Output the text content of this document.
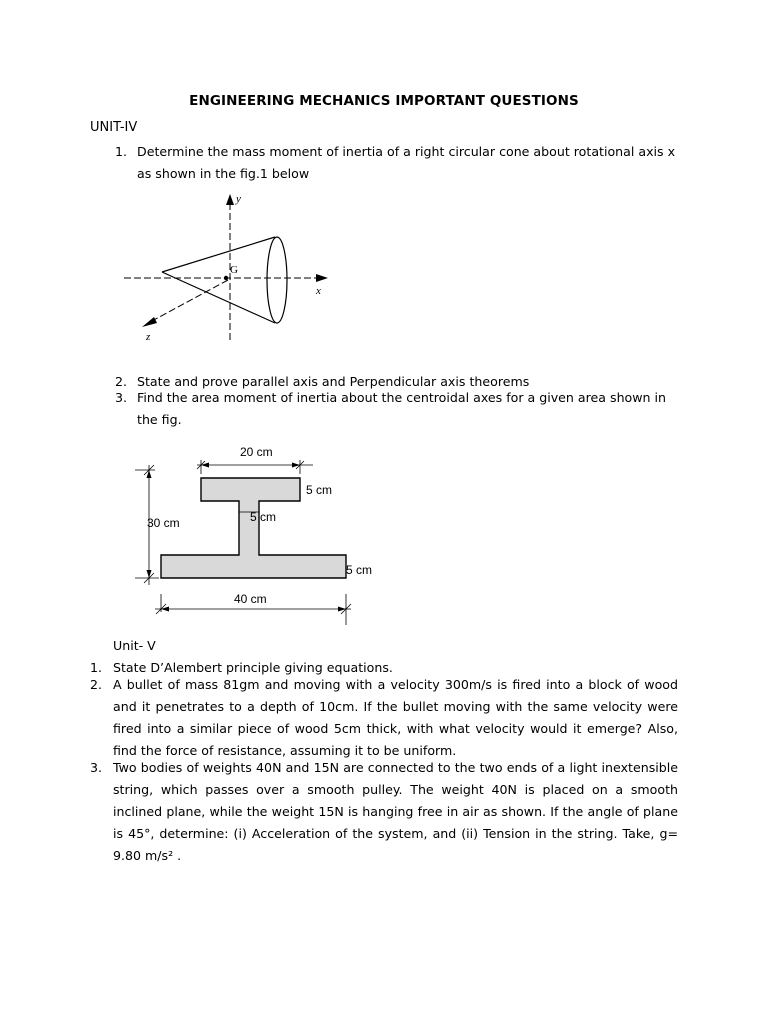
ENGINEERING MECHANICS IMPORTANT QUESTIONS
UNIT-IV
1. Determine the mass moment of inertia of a right circular cone about rotational axis x as shown in the fig.1 below
G
y
x
z
2. State and prove parallel axis and Perpendicular axis theorems
3. Find the area moment of inertia about the centroidal axes for a given area shown in the fig.
20 cm
5 cm
5 cm
30 cm
5 cm
40 cm
Unit- V
1. State D’Alembert principle giving equations.
2. A bullet of mass 81gm and moving with a velocity 300m/s is fired into a block of wood and it penetrates to a depth of 10cm. If the bullet moving with the same velocity were fired into a similar piece of wood 5cm thick, with what velocity would it emerge? Also, find the force of resistance, assuming it to be uniform.
3. Two bodies of weights 40N and 15N are connected to the two ends of a light inextensible string, which passes over a smooth pulley. The weight 40N is placed on a smooth inclined plane, while the weight 15N is hanging free in air as shown. If the angle of plane is 45°, determine: (i) Acceleration of the system, and (ii) Tension in the string. Take, g= 9.80 m/s² .
